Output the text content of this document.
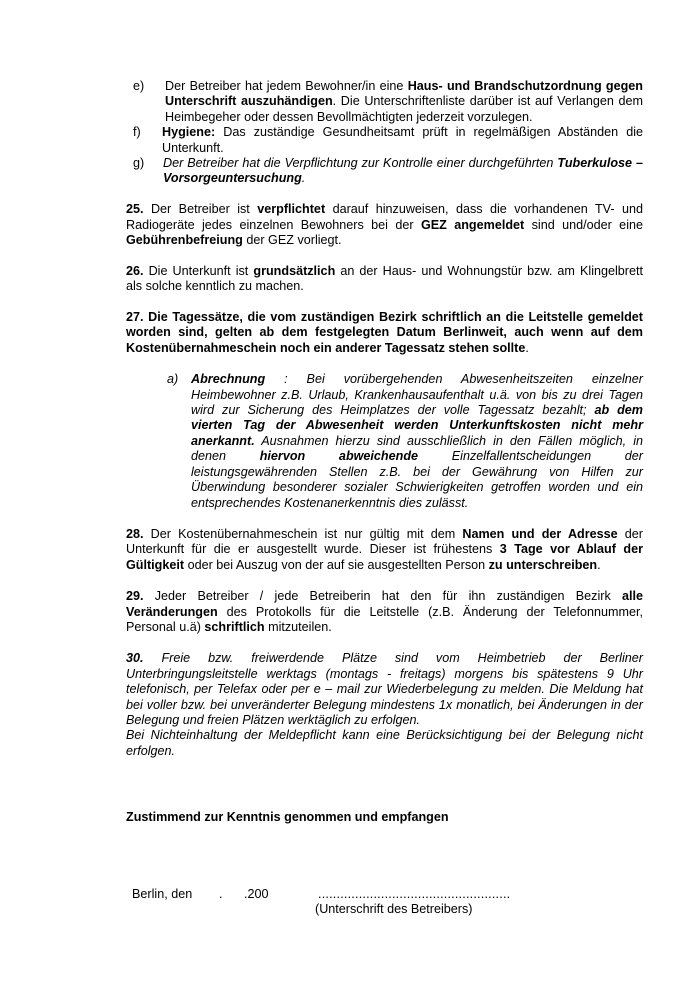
e)	Der Betreiber hat jedem Bewohner/in eine Haus- und Brandschutzordnung gegen Unterschrift auszuhändigen. Die Unterschriftenliste darüber ist auf Verlangen dem Heimbegeher oder dessen Bevollmächtigten jederzeit vorzulegen.
f)	Hygiene: Das zuständige Gesundheitsamt prüft in regelmäßigen Abständen die Unterkunft.
g)	Der Betreiber hat die Verpflichtung zur Kontrolle einer durchgeführten Tuberkulose – Vorsorgeuntersuchung.
25. Der Betreiber ist verpflichtet darauf hinzuweisen, dass die vorhandenen TV- und Radiogeräte jedes einzelnen Bewohners bei der GEZ angemeldet sind und/oder eine Gebührenbefreiung der GEZ vorliegt.
26. Die Unterkunft ist grundsätzlich an der Haus- und Wohnungstür bzw. am Klingelbrett als solche kenntlich zu machen.
27. Die Tagessätze, die vom zuständigen Bezirk schriftlich an die Leitstelle gemeldet worden sind, gelten ab dem festgelegten Datum Berlinweit, auch wenn auf dem Kostenübernahmeschein noch ein anderer Tagessatz stehen sollte.
a)	Abrechnung : Bei vorübergehenden Abwesenheitszeiten einzelner Heimbewohner z.B. Urlaub, Krankenhausaufenthalt u.ä. von bis zu drei Tagen wird zur Sicherung des Heimplatzes der volle Tagessatz bezahlt; ab dem vierten Tag der Abwesenheit werden Unterkunftskosten nicht mehr anerkannt. Ausnahmen hierzu sind ausschließlich in den Fällen möglich, in denen hiervon abweichende Einzelfallentscheidungen der leistungsgewährenden Stellen z.B. bei der Gewährung von Hilfen zur Überwindung besonderer sozialer Schwierigkeiten getroffen worden und ein entsprechendes Kostenanerkenntnis dies zulässt.
28. Der Kostenübernahmeschein ist nur gültig mit dem Namen und der Adresse der Unterkunft für die er ausgestellt wurde. Dieser ist frühestens 3 Tage vor Ablauf der Gültigkeit oder bei Auszug von der auf sie ausgestellten Person zu unterschreiben.
29. Jeder Betreiber / jede Betreiberin hat den für ihn zuständigen Bezirk alle Veränderungen des Protokolls für die Leitstelle (z.B. Änderung der Telefonnummer, Personal u.ä) schriftlich mitzuteilen.
30. Freie bzw. freiwerdende Plätze sind vom Heimbetrieb der Berliner Unterbringungsleitstelle werktags (montags - freitags) morgens bis spätestens 9 Uhr telefonisch, per Telefax oder per e – mail zur Wiederbelegung zu melden. Die Meldung hat bei voller bzw. bei unveränderter Belegung mindestens 1x monatlich, bei Änderungen in der Belegung und freien Plätzen werktäglich zu erfolgen.
Bei Nichteinhaltung der Meldepflicht kann eine Berücksichtigung bei der Belegung nicht erfolgen.
Zustimmend zur Kenntnis genommen und empfangen
Berlin, den . .200	....................................................
(Unterschrift des Betreibers)
